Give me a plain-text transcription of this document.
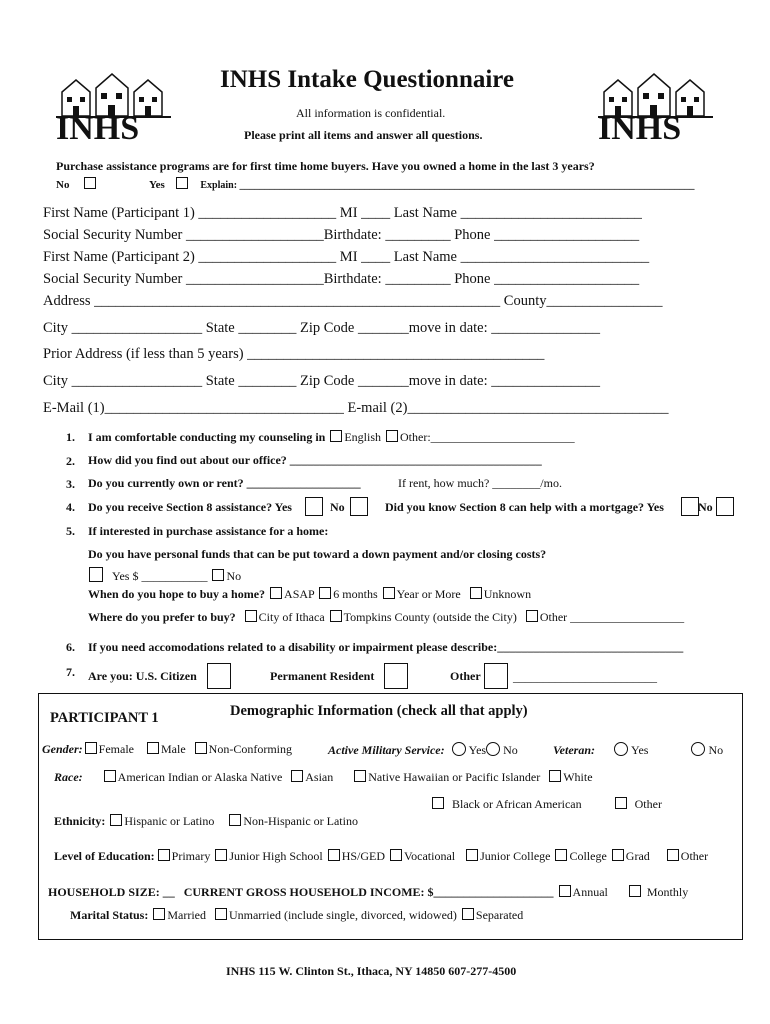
INHS	INHS
INHS Intake Questionnaire
All information is confidential.
Please print all items and answer all questions.
Purchase assistance programs are for first time home buyers. Have you owned a home in the last 3 years?
No	Yes	Explain: ___________________________________________________________________________________________
First Name (Participant 1) ___________________ MI ____ Last Name _________________________
Social Security Number ___________________Birthdate: _________ Phone ____________________
First Name (Participant 2) ___________________ MI ____ Last Name __________________________
Social Security Number ___________________Birthdate: _________ Phone ____________________
Address ________________________________________________________ County________________
City __________________ State ________ Zip Code _______move in date: _______________
Prior Address (if less than 5 years) _________________________________________
City __________________ State ________ Zip Code _______move in date: _______________
E-Mail (1)_________________________________ E-mail (2)____________________________________
1. I am comfortable conducting my counseling in English Other:________________________
2. How did you find out about our office? __________________________________________
3. Do you currently own or rent? ___________________	If rent, how much? ________/mo.
4. Do you receive Section 8 assistance? Yes	No	Did you know Section 8 can help with a mortgage? Yes	No
5. If interested in purchase assistance for a home:
Do you have personal funds that can be put toward a down payment and/or closing costs?
Yes $ ___________ No
When do you hope to buy a home? ASAP 6 months Year or More Unknown
Where do you prefer to buy? City of Ithaca Tompkins County (outside the City) Other ___________________
6. If you need accomodations related to a disability or impairment please describe:_______________________________
7. Are you: U.S. Citizen	Permanent Resident	Other	________________________
PARTICIPANT 1	Demographic Information (check all that apply)
Gender: Female Male Non-Conforming	Active Military Service: Yes No	Veteran:	Yes	No
Race:	American Indian or Alaska Native Asian	Native Hawaiian or Pacific Islander White
Black or African American	Other
Ethnicity: Hispanic or Latino Non-Hispanic or Latino
Level of Education: Primary Junior High School HS/GED Vocational Junior College College Grad	Other
HOUSEHOLD SIZE: __ CURRENT GROSS HOUSEHOLD INCOME: $____________________ Annual	Monthly
Marital Status: Married Unmarried (include single, divorced, widowed) Separated
INHS 115 W. Clinton St., Ithaca, NY 14850 607-277-4500
